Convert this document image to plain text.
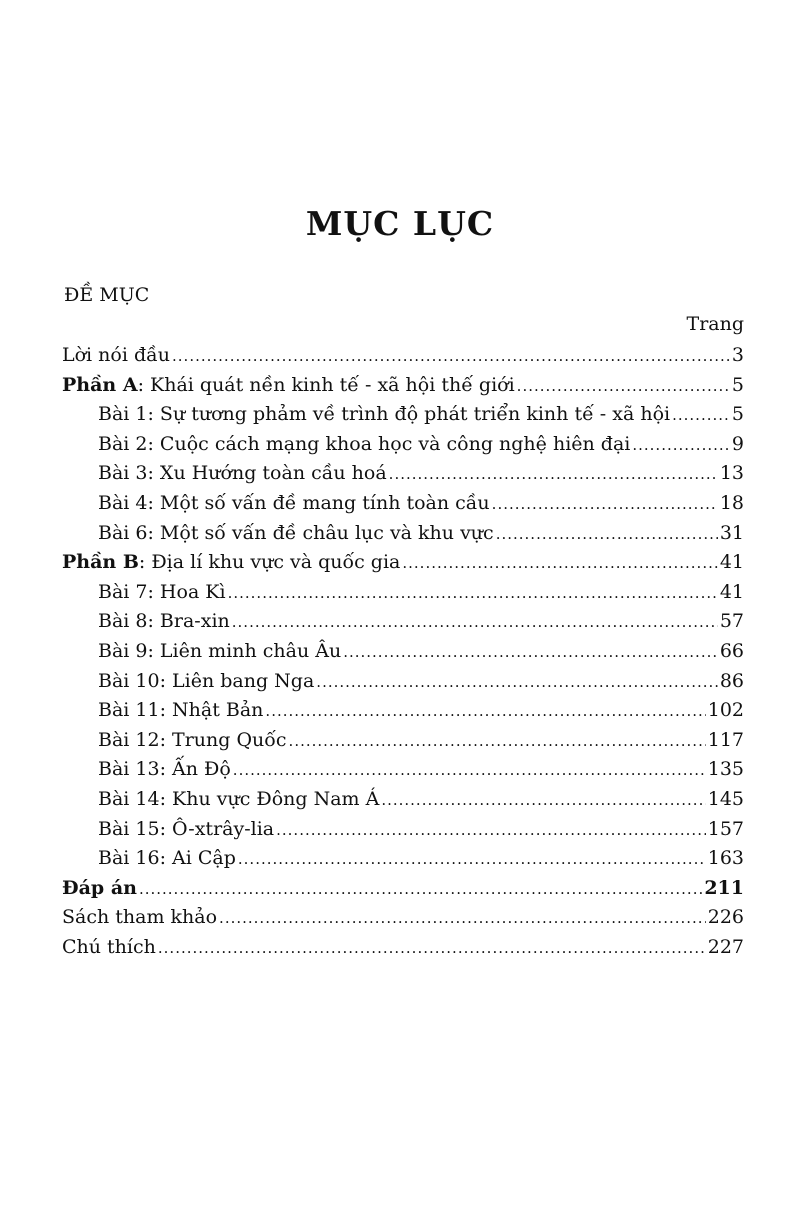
MỤC LỤC
ĐỀ MỤC
Trang
Lời nói đầu .....	3
Phần A : Khái quát nền kinh tế - xã hội thế giới .....	5
Bài 1: Sự tương phảm về trình độ phát triển kinh tế - xã hội .....	5
Bài 2: Cuộc cách mạng khoa học và công nghệ hiên đại .....	9
Bài 3: Xu Hướng toàn cầu hoá .....	13
Bài 4: Một số vấn đề mang tính toàn cầu .....	18
Bài 6: Một số vấn đề châu lục và khu vực .....	31
Phần B : Địa lí khu vực và quốc gia .....	41
Bài 7: Hoa Kì .....	41
Bài 8: Bra-xin .....	57
Bài 9: Liên minh châu Âu .....	66
Bài 10: Liên bang Nga .....	86
Bài 11: Nhật Bản .....	102
Bài 12: Trung Quốc .....	117
Bài 13: Ấn Độ .....	135
Bài 14: Khu vực Đông Nam Á .....	145
Bài 15: Ô-xtrây-lia .....	157
Bài 16: Ai Cập .....	163
Đáp án .....	211
Sách tham khảo .....	226
Chú thích .....	227
